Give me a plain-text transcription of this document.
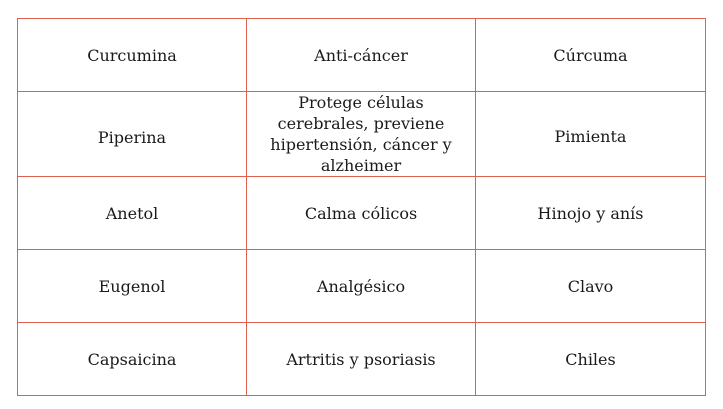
Curcumina	Anti-cáncer	Cúrcuma
Piperina	Protege células cerebrales, previene hipertensión, cáncer y alzheimer	Pimienta
Anetol	Calma cólicos	Hinojo y anís
Eugenol	Analgésico	Clavo
Capsaicina	Artritis y psoriasis	Chiles
